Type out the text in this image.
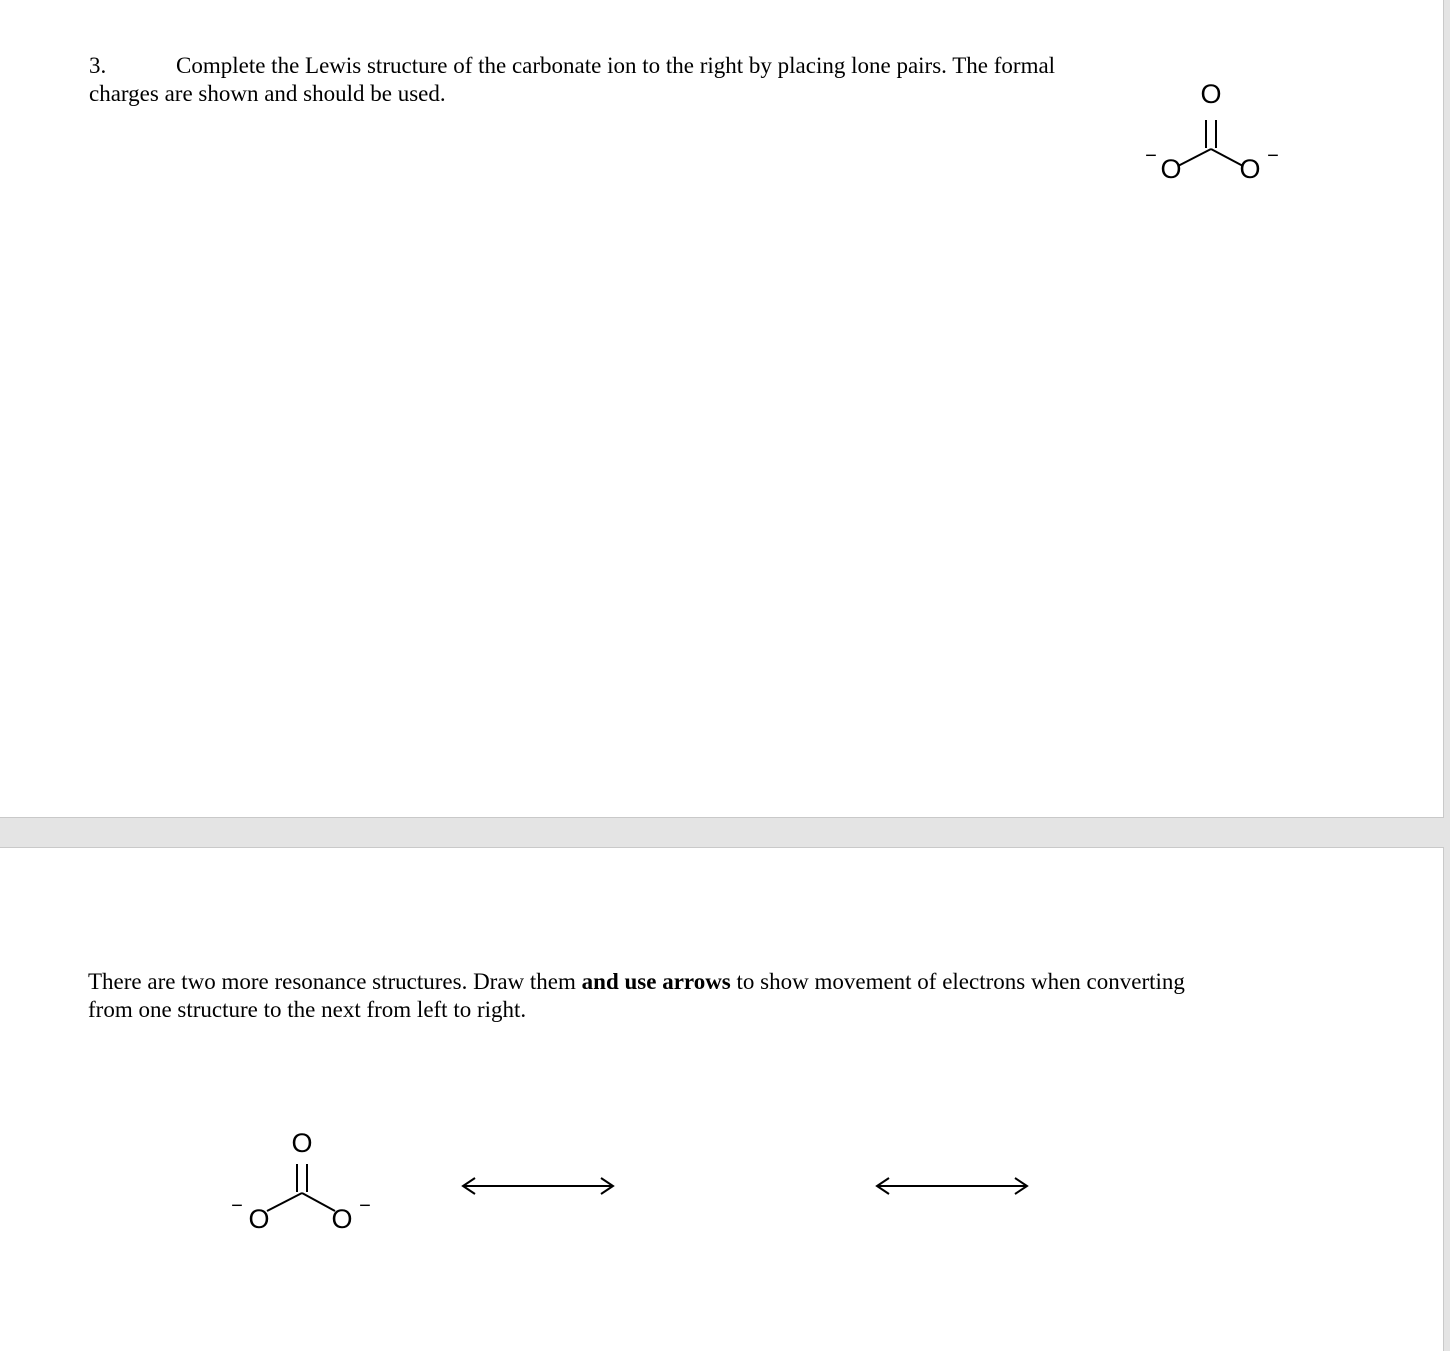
3.	Complete the Lewis structure of the carbonate ion to the right by placing lone pairs. The formal
charges are shown and should be used.	O
O O
−	−
There are two more resonance structures. Draw them and use arrows to show movement of electrons when converting
from one structure to the next from left to right.
O
O O
−	−
